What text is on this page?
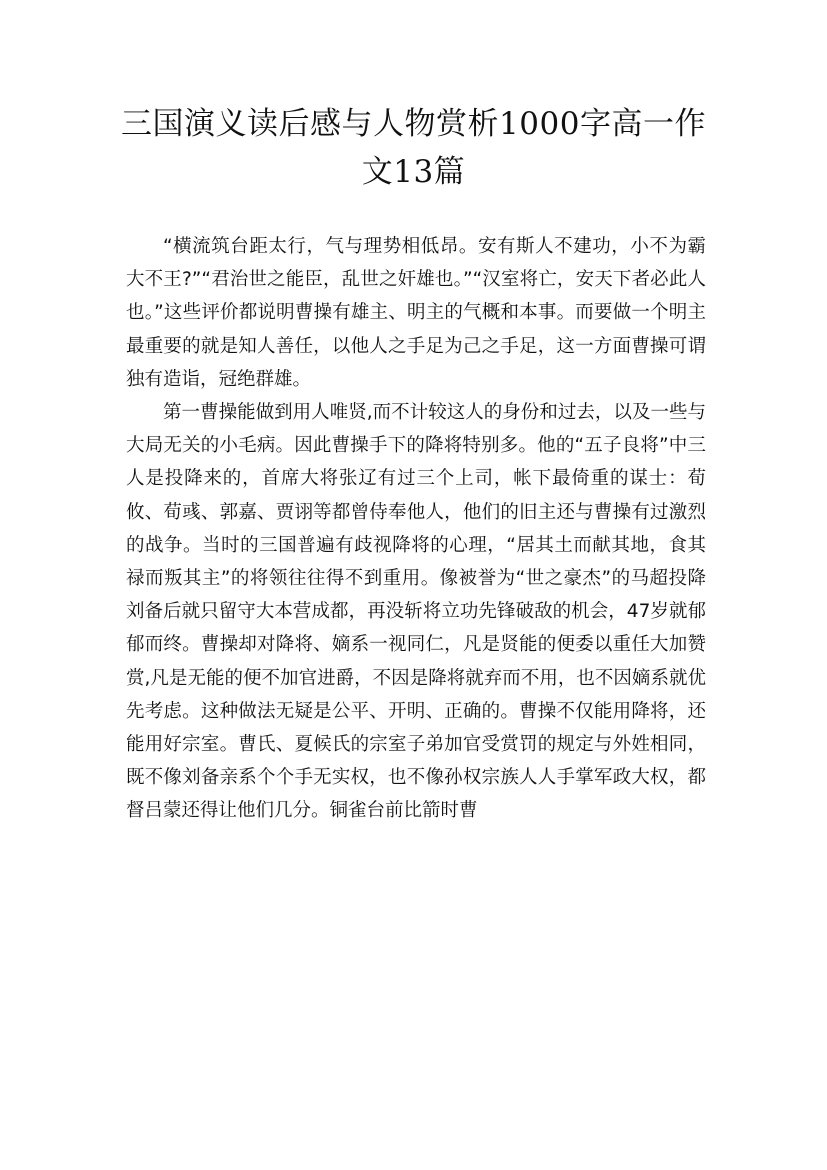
三国演义读后感与人物赏析1000字高一作
文13篇

“横流筑台距太行，气与理势相低昂。安有斯人不建功，小不为霸大不王?”“君治世之能臣，乱世之奸雄也。”“汉室将亡，安天下者必此人也。”这些评价都说明曹操有雄主、明主的气概和本事。而要做一个明主最重要的就是知人善任，以他人之手足为己之手足，这一方面曹操可谓独有造诣，冠绝群雄。

第一曹操能做到用人唯贤,而不计较这人的身份和过去，以及一些与大局无关的小毛病。因此曹操手下的降将特别多。他的“五子良将”中三人是投降来的，首席大将张辽有过三个上司，帐下最倚重的谋士：荀攸、荀彧、郭嘉、贾诩等都曾侍奉他人，他们的旧主还与曹操有过激烈的战争。当时的三国普遍有歧视降将的心理，“居其土而献其地，食其禄而叛其主”的将领往往得不到重用。像被誉为“世之豪杰”的马超投降刘备后就只留守大本营成都，再没斩将立功先锋破敌的机会，47岁就郁郁而终。曹操却对降将、嫡系一视同仁，凡是贤能的便委以重任大加赞赏,凡是无能的便不加官进爵，不因是降将就弃而不用，也不因嫡系就优先考虑。这种做法无疑是公平、开明、正确的。曹操不仅能用降将，还能用好宗室。曹氏、夏候氏的宗室子弟加官受赏罚的规定与外姓相同，既不像刘备亲系个个手无实权，也不像孙权宗族人人手掌军政大权，都督吕蒙还得让他们几分。铜雀台前比箭时曹
